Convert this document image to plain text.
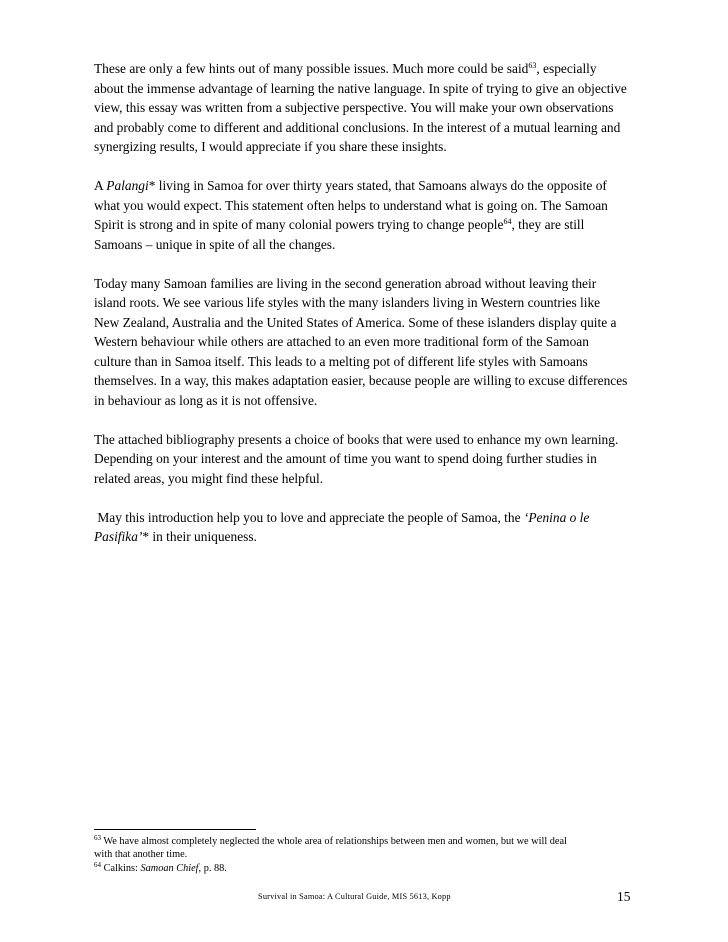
These are only a few hints out of many possible issues. Much more could be said$^{63}$, especially
about the immense advantage of learning the native language. In spite of trying to give an objective
view, this essay was written from a subjective perspective. You will make your own observations
and probably come to different and additional conclusions. In the interest of a mutual learning and
synergizing results, I would appreciate if you share these insights.

A Palangi* living in Samoa for over thirty years stated, that Samoans always do the opposite of
what you would expect. This statement often helps to understand what is going on. The Samoan
Spirit is strong and in spite of many colonial powers trying to change people$^{64}$, they are still
Samoans – unique in spite of all the changes.

Today many Samoan families are living in the second generation abroad without leaving their
island roots. We see various life styles with the many islanders living in Western countries like
New Zealand, Australia and the United States of America. Some of these islanders display quite a
Western behaviour while others are attached to an even more traditional form of the Samoan
culture than in Samoa itself. This leads to a melting pot of different life styles with Samoans
themselves. In a way, this makes adaptation easier, because people are willing to excuse differences
in behaviour as long as it is not offensive.

The attached bibliography presents a choice of books that were used to enhance my own learning.
Depending on your interest and the amount of time you want to spend doing further studies in
related areas, you might find these helpful.

May this introduction help you to love and appreciate the people of Samoa, the ‘Penina o le
Pasifika’* in their uniqueness.

$^{63}$ We have almost completely neglected the whole area of relationships between men and women, but we will deal
with that another time.
$^{64}$ Calkins: Samoan Chief, p. 88.
Survival in Samoa: A Cultural Guide, MIS 5613, Kopp	15
